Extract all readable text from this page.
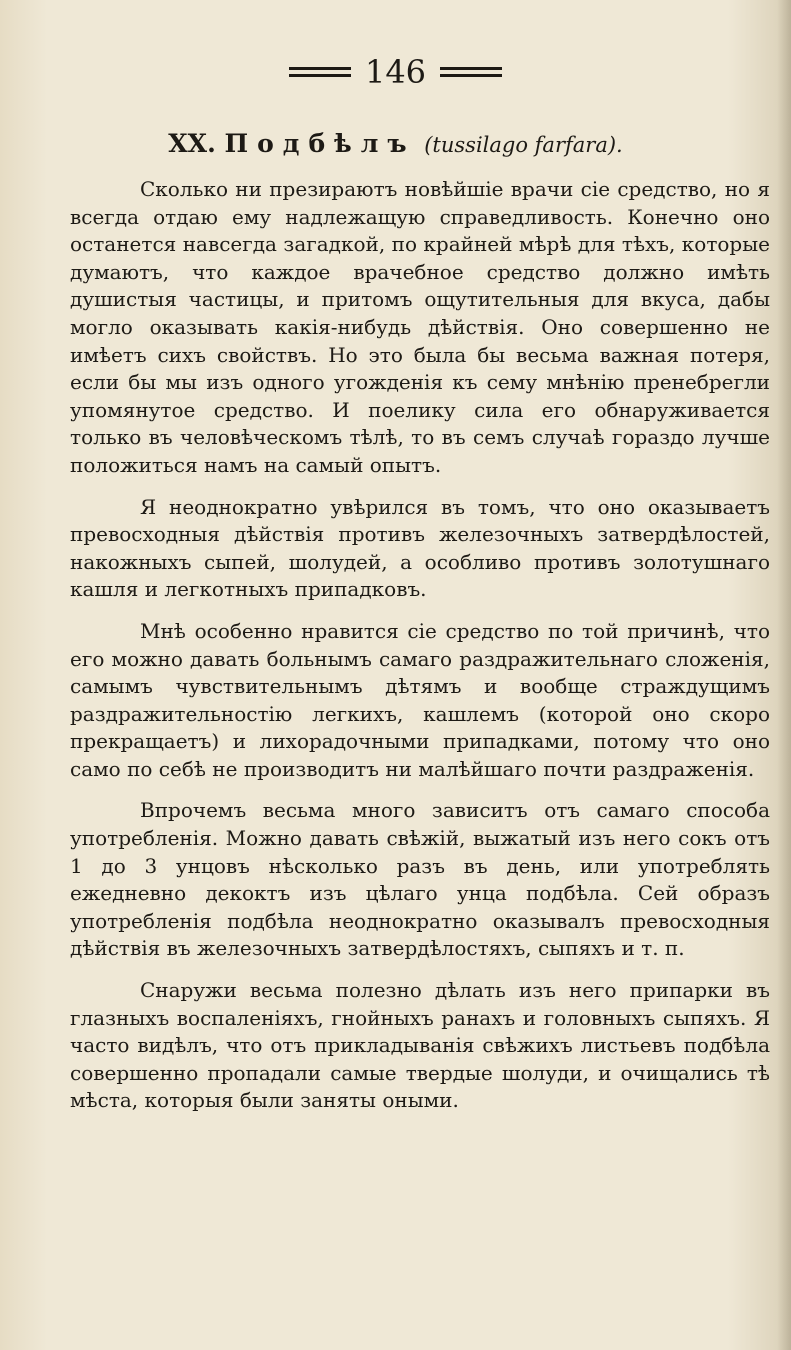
146
XX. Подбѣлъ (tussilago farfara).

Сколько ни презираютъ новѣйшіе врачи сіе средство, но я всегда отдаю ему надлежащую справедливость. Конечно оно останется навсегда загадкой, по крайней мѣрѣ для тѣхъ, которые думаютъ, что каждое врачебное средство должно имѣть душистыя частицы, и притомъ ощутительныя для вкуса, дабы могло оказывать какія-нибудь дѣйствія. Оно совершенно не имѣетъ сихъ свойствъ. Но это была бы весьма важная потеря, если бы мы изъ одного угожденія къ сему мнѣнію пренебрегли упомянутое средство. И поелику сила его обнаруживается только въ человѣческомъ тѣлѣ, то въ семъ случаѣ гораздо лучше положиться намъ на самый опытъ.

Я неоднократно увѣрился въ томъ, что оно оказываетъ превосходныя дѣйствія противъ железочныхъ затвердѣлостей, накожныхъ сыпей, шолудей, а особливо противъ золотушнаго кашля и легкотныхъ припадковъ.

Мнѣ особенно нравится сіе средство по той причинѣ, что его можно давать больнымъ самаго раздражительнаго сложенія, самымъ чувствительнымъ дѣтямъ и вообще страждущимъ раздражительностію легкихъ, кашлемъ (которой оно скоро прекращаетъ) и лихорадочными припадками, потому что оно само по себѣ не производитъ ни малѣйшаго почти раздраженія.

Впрочемъ весьма много зависитъ отъ самаго способа употребленія. Можно давать свѣжій, выжатый изъ него сокъ отъ 1 до 3 унцовъ нѣсколько разъ въ день, или употреблять ежедневно декоктъ изъ цѣлаго унца подбѣла. Сей образъ употребленія подбѣла неоднократно оказывалъ превосходныя дѣйствія въ железочныхъ затвердѣлостяхъ, сыпяхъ и т. п.

Снаружи весьма полезно дѣлать изъ него припарки въ глазныхъ воспаленіяхъ, гнойныхъ ранахъ и головныхъ сыпяхъ. Я часто видѣлъ, что отъ прикладыванія свѣжихъ листьевъ подбѣла совершенно пропадали самые твердые шолуди, и очищались тѣ мѣста, которыя были заняты оными.
